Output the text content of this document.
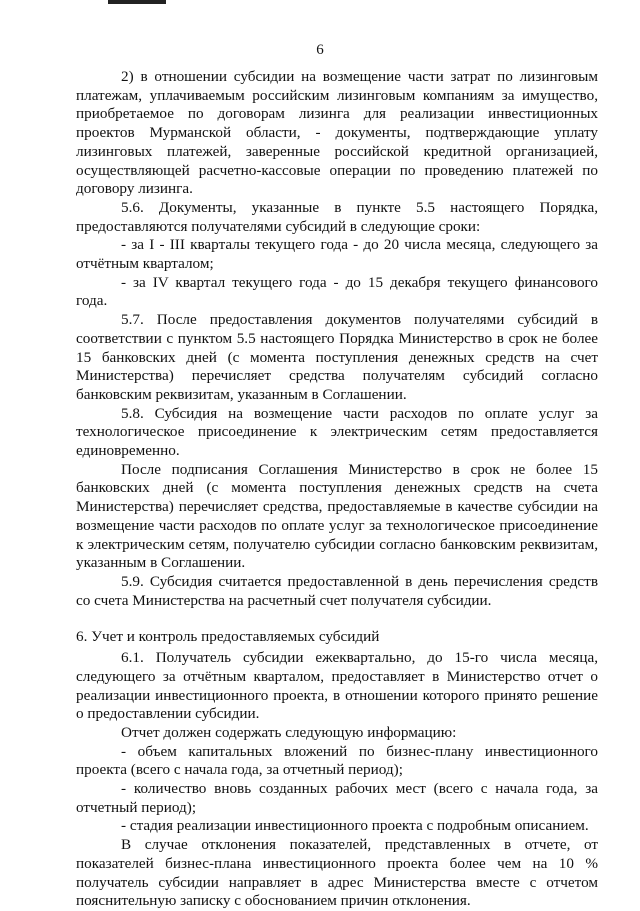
6

2) в отношении субсидии на возмещение части затрат по лизинговым платежам, уплачиваемым российским лизинговым компаниям за имущество, приобретаемое по договорам лизинга для реализации инвестиционных проектов Мурманской области, - документы, подтверждающие уплату лизинговых платежей, заверенные российской кредитной организацией, осуществляющей расчетно-кассовые операции по проведению платежей по договору лизинга.

5.6. Документы, указанные в пункте 5.5 настоящего Порядка, предоставляются получателями субсидий в следующие сроки:

- за I - III кварталы текущего года - до 20 числа месяца, следующего за отчётным кварталом;

- за IV квартал текущего года - до 15 декабря текущего финансового года.

5.7. После предоставления документов получателями субсидий в соответствии с пунктом 5.5 настоящего Порядка Министерство в срок не более 15 банковских дней (с момента поступления денежных средств на счет Министерства) перечисляет средства получателям субсидий согласно банковским реквизитам, указанным в Соглашении.

5.8. Субсидия на возмещение части расходов по оплате услуг за технологическое присоединение к электрическим сетям предоставляется единовременно.

После подписания Соглашения Министерство в срок не более 15 банковских дней (с момента поступления денежных средств на счета Министерства) перечисляет средства, предоставляемые в качестве субсидии на возмещение части расходов по оплате услуг за технологическое присоединение к электрическим сетям, получателю субсидии согласно банковским реквизитам, указанным в Соглашении.

5.9. Субсидия считается предоставленной в день перечисления средств со счета Министерства на расчетный счет получателя субсидии.

6. Учет и контроль предоставляемых субсидий

6.1. Получатель субсидии ежеквартально, до 15-го числа месяца, следующего за отчётным кварталом, предоставляет в Министерство отчет о реализации инвестиционного проекта, в отношении которого принято решение о предоставлении субсидии.

Отчет должен содержать следующую информацию:

- объем капитальных вложений по бизнес-плану инвестиционного проекта (всего с начала года, за отчетный период);

- количество вновь созданных рабочих мест (всего с начала года, за отчетный период);

- стадия реализации инвестиционного проекта с подробным описанием.

В случае отклонения показателей, представленных в отчете, от показателей бизнес-плана инвестиционного проекта более чем на 10 % получатель субсидии направляет в адрес Министерства вместе с отчетом пояснительную записку с обоснованием причин отклонения.
